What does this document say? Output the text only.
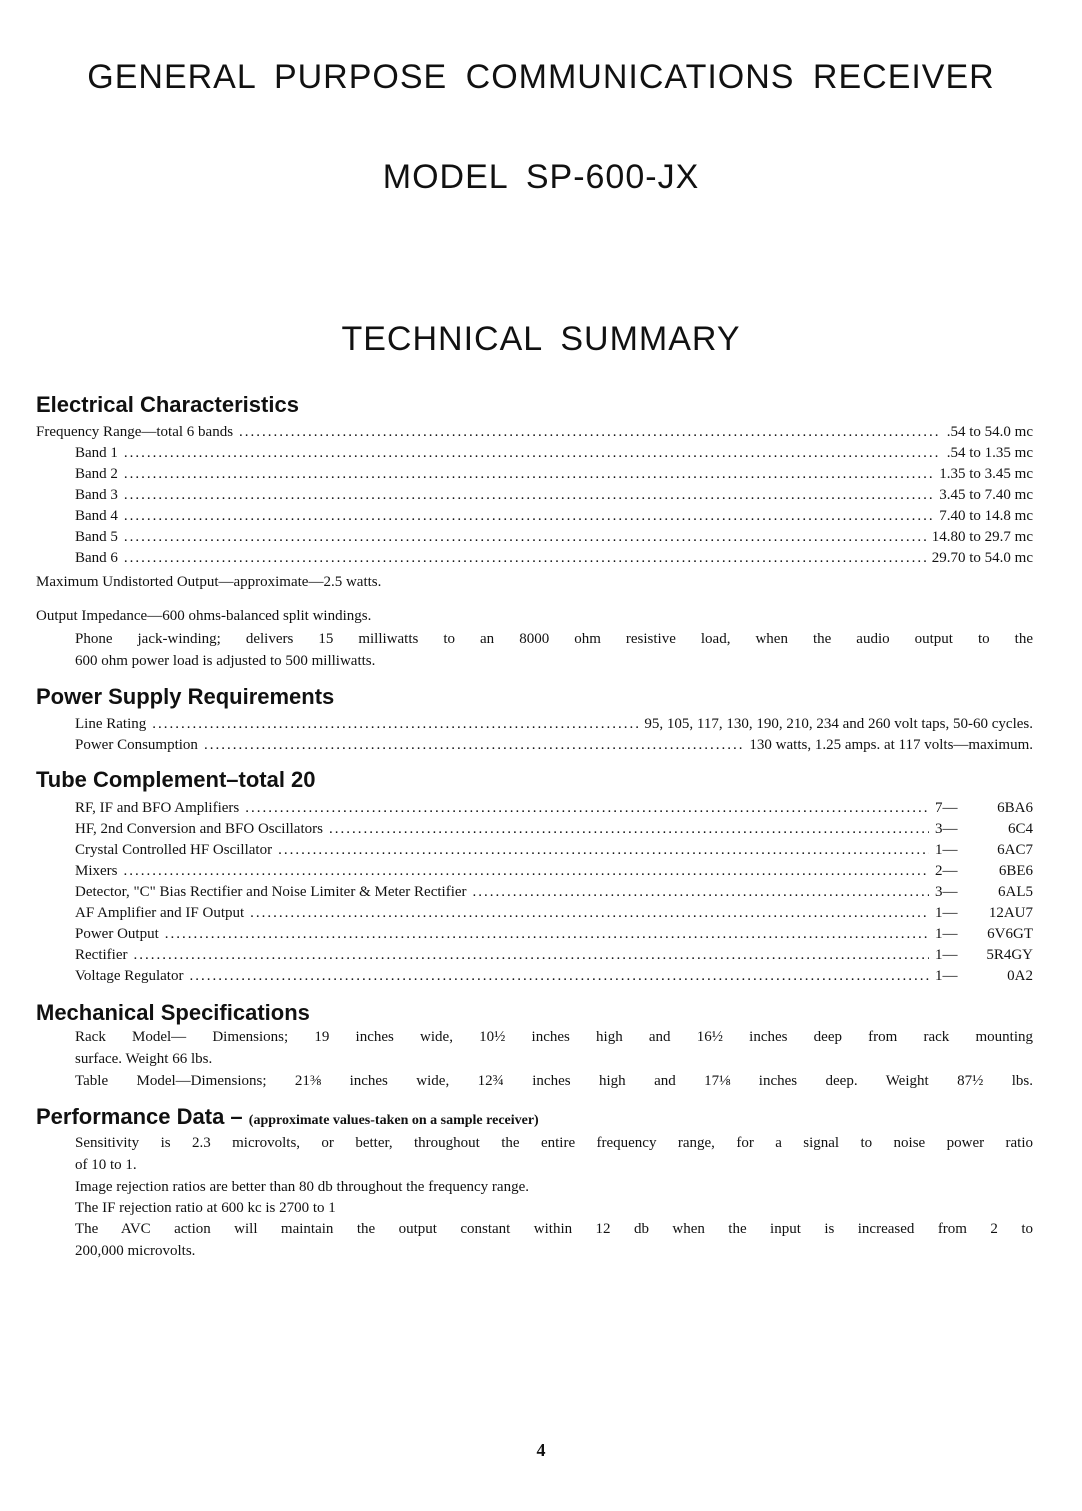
GENERAL PURPOSE COMMUNICATIONS RECEIVER
MODEL SP-600-JX
TECHNICAL SUMMARY
Electrical Characteristics
Frequency Range—total 6 bands .....	.54 to 54.0 mc
Band 1 .....	.54 to 1.35 mc
Band 2 .....	1.35 to 3.45 mc
Band 3 .....	3.45 to 7.40 mc
Band 4 .....	7.40 to 14.8 mc
Band 5 .....	14.80 to 29.7 mc
Band 6 .....	29.70 to 54.0 mc
Maximum Undistorted Output—approximate—2.5 watts.
Output Impedance—600 ohms-balanced split windings.
Phone jack-winding; delivers 15 milliwatts to an 8000 ohm resistive load, when the audio output to the
600 ohm power load is adjusted to 500 milliwatts.
Power Supply Requirements
Line Rating .....	95, 105, 117, 130, 190, 210, 234 and 260 volt taps, 50-60 cycles.
Power Consumption .....	130 watts, 1.25 amps. at 117 volts—maximum.
Tube Complement–total 20
RF, IF and BFO Amplifiers .....	7—	6BA6
HF, 2nd Conversion and BFO Oscillators .....	3—	6C4
Crystal Controlled HF Oscillator .....	1—	6AC7
Mixers .....	2—	6BE6
Detector, "C" Bias Rectifier and Noise Limiter & Meter Rectifier .....	3—	6AL5
AF Amplifier and IF Output .....	1—	12AU7
Power Output .....	1—	6V6GT
Rectifier .....	1—	5R4GY
Voltage Regulator .....	1—	0A2
Mechanical Specifications
Rack Model— Dimensions; 19 inches wide, 10½ inches high and 16½ inches deep from rack mounting
surface. Weight 66 lbs.
Table Model—Dimensions; 21⅜ inches wide, 12¾ inches high and 17⅛ inches deep. Weight 87½ lbs.
Performance Data – (approximate values-taken on a sample receiver)
Sensitivity is 2.3 microvolts, or better, throughout the entire frequency range, for a signal to noise power ratio
of 10 to 1.
Image rejection ratios are better than 80 db throughout the frequency range.
The IF rejection ratio at 600 kc is 2700 to 1
The AVC action will maintain the output constant within 12 db when the input is increased from 2 to
200,000 microvolts.
4
